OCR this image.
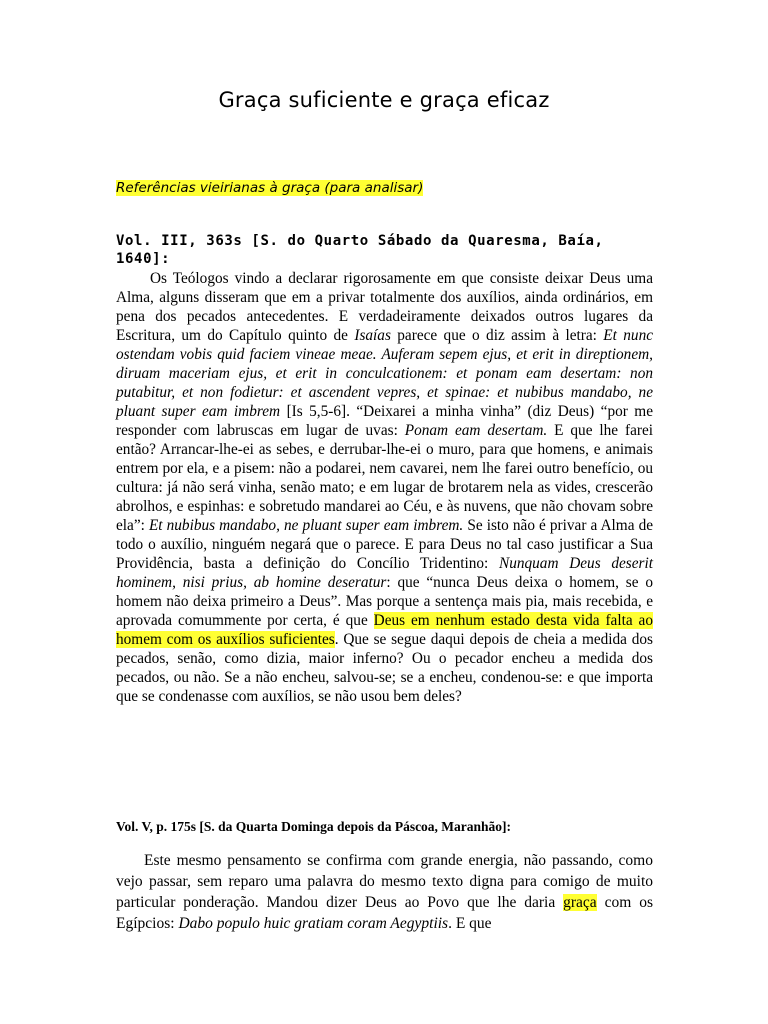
Graça suficiente e graça eficaz
Referências vieirianas à graça (para analisar)
Vol. III, 363s [S. do Quarto Sábado da Quaresma, Baía, 1640]:
Os Teólogos vindo a declarar rigorosamente em que consiste deixar Deus uma Alma, alguns disseram que em a privar totalmente dos auxílios, ainda ordinários, em pena dos pecados antecedentes. E verdadeiramente deixados outros lugares da Escritura, um do Capítulo quinto de Isaías parece que o diz assim à letra: Et nunc ostendam vobis quid faciem vineae meae. Auferam sepem ejus, et erit in direptionem, diruam maceriam ejus, et erit in conculcationem: et ponam eam desertam: non putabitur, et non fodietur: et ascendent vepres, et spinae: et nubibus mandabo, ne pluant super eam imbrem [Is 5,5-6]. “Deixarei a minha vinha” (diz Deus) “por me responder com labruscas em lugar de uvas: Ponam eam desertam. E que lhe farei então? Arrancar-lhe-ei as sebes, e derrubar-lhe-ei o muro, para que homens, e animais entrem por ela, e a pisem: não a podarei, nem cavarei, nem lhe farei outro benefício, ou cultura: já não será vinha, senão mato; e em lugar de brotarem nela as vides, crescerão abrolhos, e espinhas: e sobretudo mandarei ao Céu, e às nuvens, que não chovam sobre ela”: Et nubibus mandabo, ne pluant super eam imbrem. Se isto não é privar a Alma de todo o auxílio, ninguém negará que o parece. E para Deus no tal caso justificar a Sua Providência, basta a definição do Concílio Tridentino: Nunquam Deus deserit hominem, nisi prius, ab homine deseratur: que “nunca Deus deixa o homem, se o homem não deixa primeiro a Deus”. Mas porque a sentença mais pia, mais recebida, e aprovada comummente por certa, é que Deus em nenhum estado desta vida falta ao homem com os auxílios suficientes. Que se segue daqui depois de cheia a medida dos pecados, senão, como dizia, maior inferno? Ou o pecador encheu a medida dos pecados, ou não. Se a não encheu, salvou-se; se a encheu, condenou-se: e que importa que se condenasse com auxílios, se não usou bem deles?
Vol. V, p. 175s [S. da Quarta Dominga depois da Páscoa, Maranhão]:
Este mesmo pensamento se confirma com grande energia, não passando, como vejo passar, sem reparo uma palavra do mesmo texto digna para comigo de muito particular ponderação. Mandou dizer Deus ao Povo que lhe daria graça com os Egípcios: Dabo populo huic gratiam coram Aegyptiis. E que
